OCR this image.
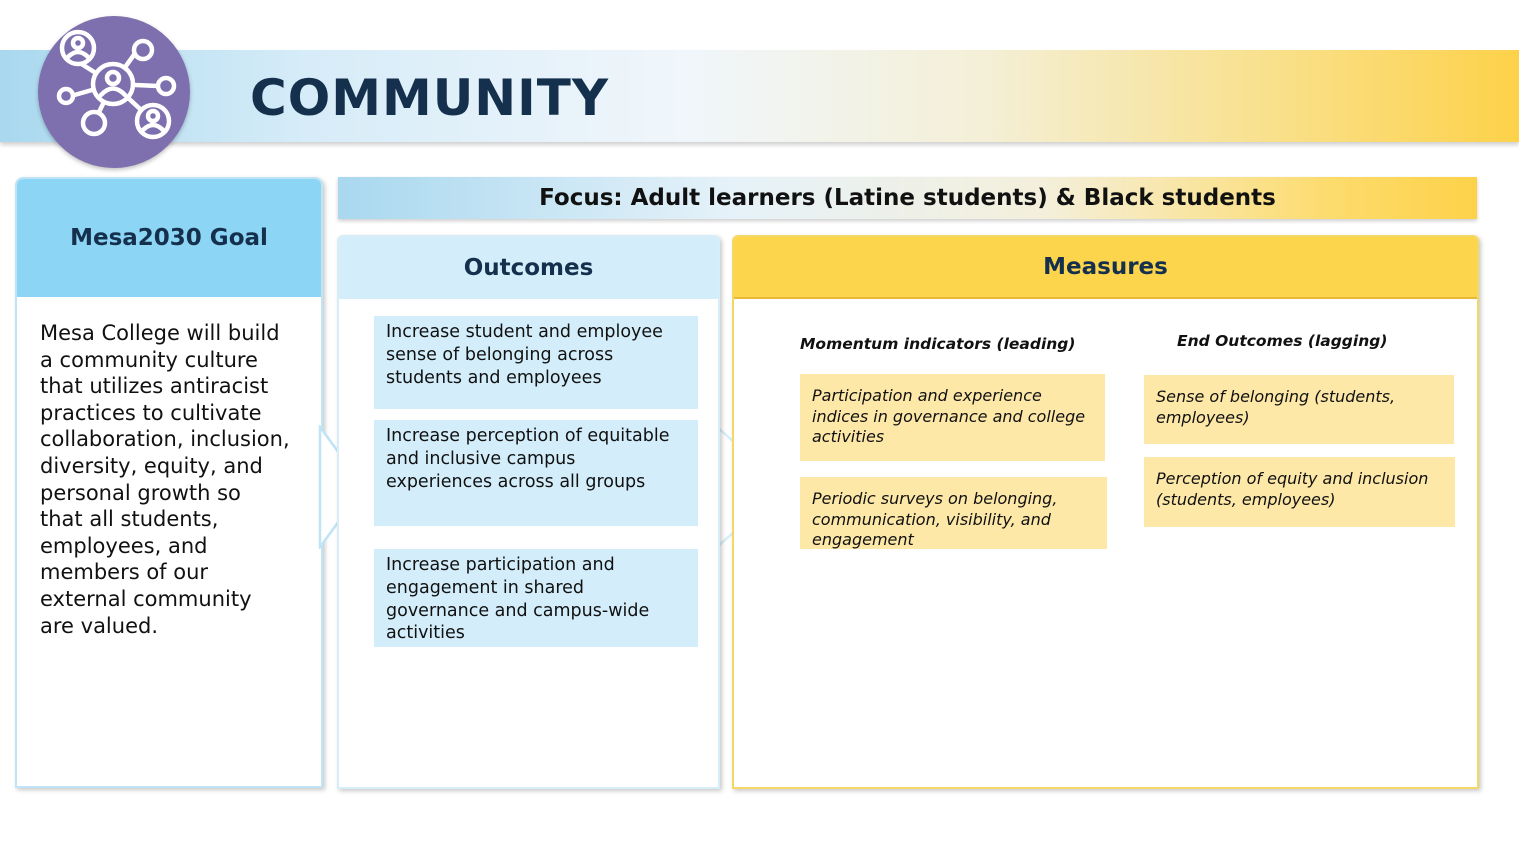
COMMUNITY
Mesa2030 Goal
Mesa College will build a community culture that utilizes antiracist practices to cultivate collaboration, inclusion, diversity, equity, and personal growth so that all students, employees, and members of our external community are valued.
Focus: Adult learners (Latine students) & Black students
Outcomes
Increase student and employee sense of belonging across students and employees
Increase perception of equitable and inclusive campus experiences across all groups
Increase participation and engagement in shared governance and campus-wide activities
Measures
Momentum indicators (leading)
Participation and experience indices in governance and college activities
Periodic surveys on belonging, communication, visibility, and engagement
End Outcomes (lagging)
Sense of belonging (students, employees)
Perception of equity and inclusion (students, employees)
